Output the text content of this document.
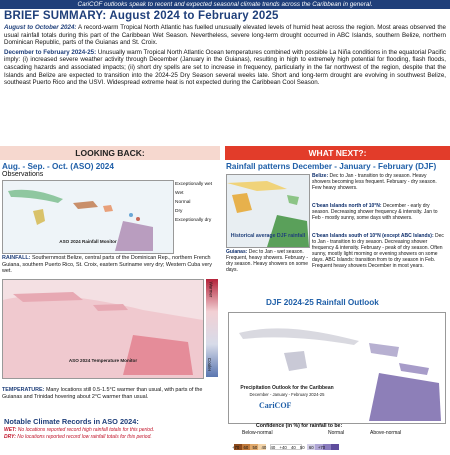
CariCOF outlooks speak to recent and expected seasonal climate trends across the Caribbean in general.
BRIEF SUMMARY: August 2024 to February 2025

August to October 2024: A record-warm Tropical North Atlantic has fuelled unusually elevated levels of humid heat across the region. Most areas observed the usual rainfall totals during this part of the Caribbean Wet Season. Nevertheless, severe long-term drought occurred in ABC Islands, southern Belize, northern Dominican Republic, parts of the Guianas and St. Croix.

December to February 2024-25: Unusually warm Tropical North Atlantic Ocean temperatures combined with possible La Niña conditions in the equatorial Pacific imply: (i) increased severe weather activity through December (January in the Guianas), resulting in high to extremely high potential for flooding, flash floods, cascading hazards and associated impacts; (ii) short dry spells are set to increase in frequency, particularly in the far northwest of the region, despite that the Islands and Belize are expected to transition into the 2024-25 Dry Season several weeks late. Short and long-term drought are evolving in southwest Belize, southeast Puerto Rico and the USVI. Widespread extreme heat is not expected during the Caribbean Cool Season.

LOOKING BACK:	WHAT NEXT?:

Aug. - Sep. - Oct. (ASO) 2024

Observations

ASO 2024 Rainfall Monitor
Exceptionally wet
Wet
Normal
Dry
Exceptionally dry

RAINFALL: Southernmost Belize, central parts of the Dominican Rep., northern French Guiana, southern Puerto Rico, St. Croix, eastern Suriname very dry; Western Cuba very wet.

ASO 2024 Temperature Monitor
Warmer
Cooler

TEMPERATURE: Many locations still 0.5-1.5°C warmer than usual, with parts of the Guianas and Trinidad hovering about 2°C warmer than usual.

Notable Climate Records in ASO 2024:

WET: No locations reported record high rainfall totals for this period.

DRY: No locations reported record low rainfall totals for this period.

Rainfall patterns December - January - February (DJF)

Historical average DJF rainfall
Belize: Dec to Jan - transition to dry season. Heavy showers becoming less frequent. February - dry season. Few heavy showers.
C'bean Islands north of 10°N: December - early dry season. Decreasing shower frequency & intensity. Jan to Feb - mostly sunny, some days with showers.
C'bean Islands south of 10°N (except ABC Islands): Dec to Jan - transition to dry season. Decreasing shower frequency & intensity. February - peak of dry season. Often sunny, mostly light morning or evening showers on some days. ABC Islands: transition from to dry season in Feb. Frequent heavy showers December in most years.
Guianas: Dec to Jan - wet season. Frequent, heavy showers. February - dry season. Heavy showers on some days.

DJF 2024-25 Rainfall Outlook

Precipitation Outlook for the Caribbean
December - January - February 2024-25
CariCOF
Confidence (in %) for rainfall to be:
Below-normal	Normal	Above-normal

+70 60 50 40 40 +40 40 50 60 +70
